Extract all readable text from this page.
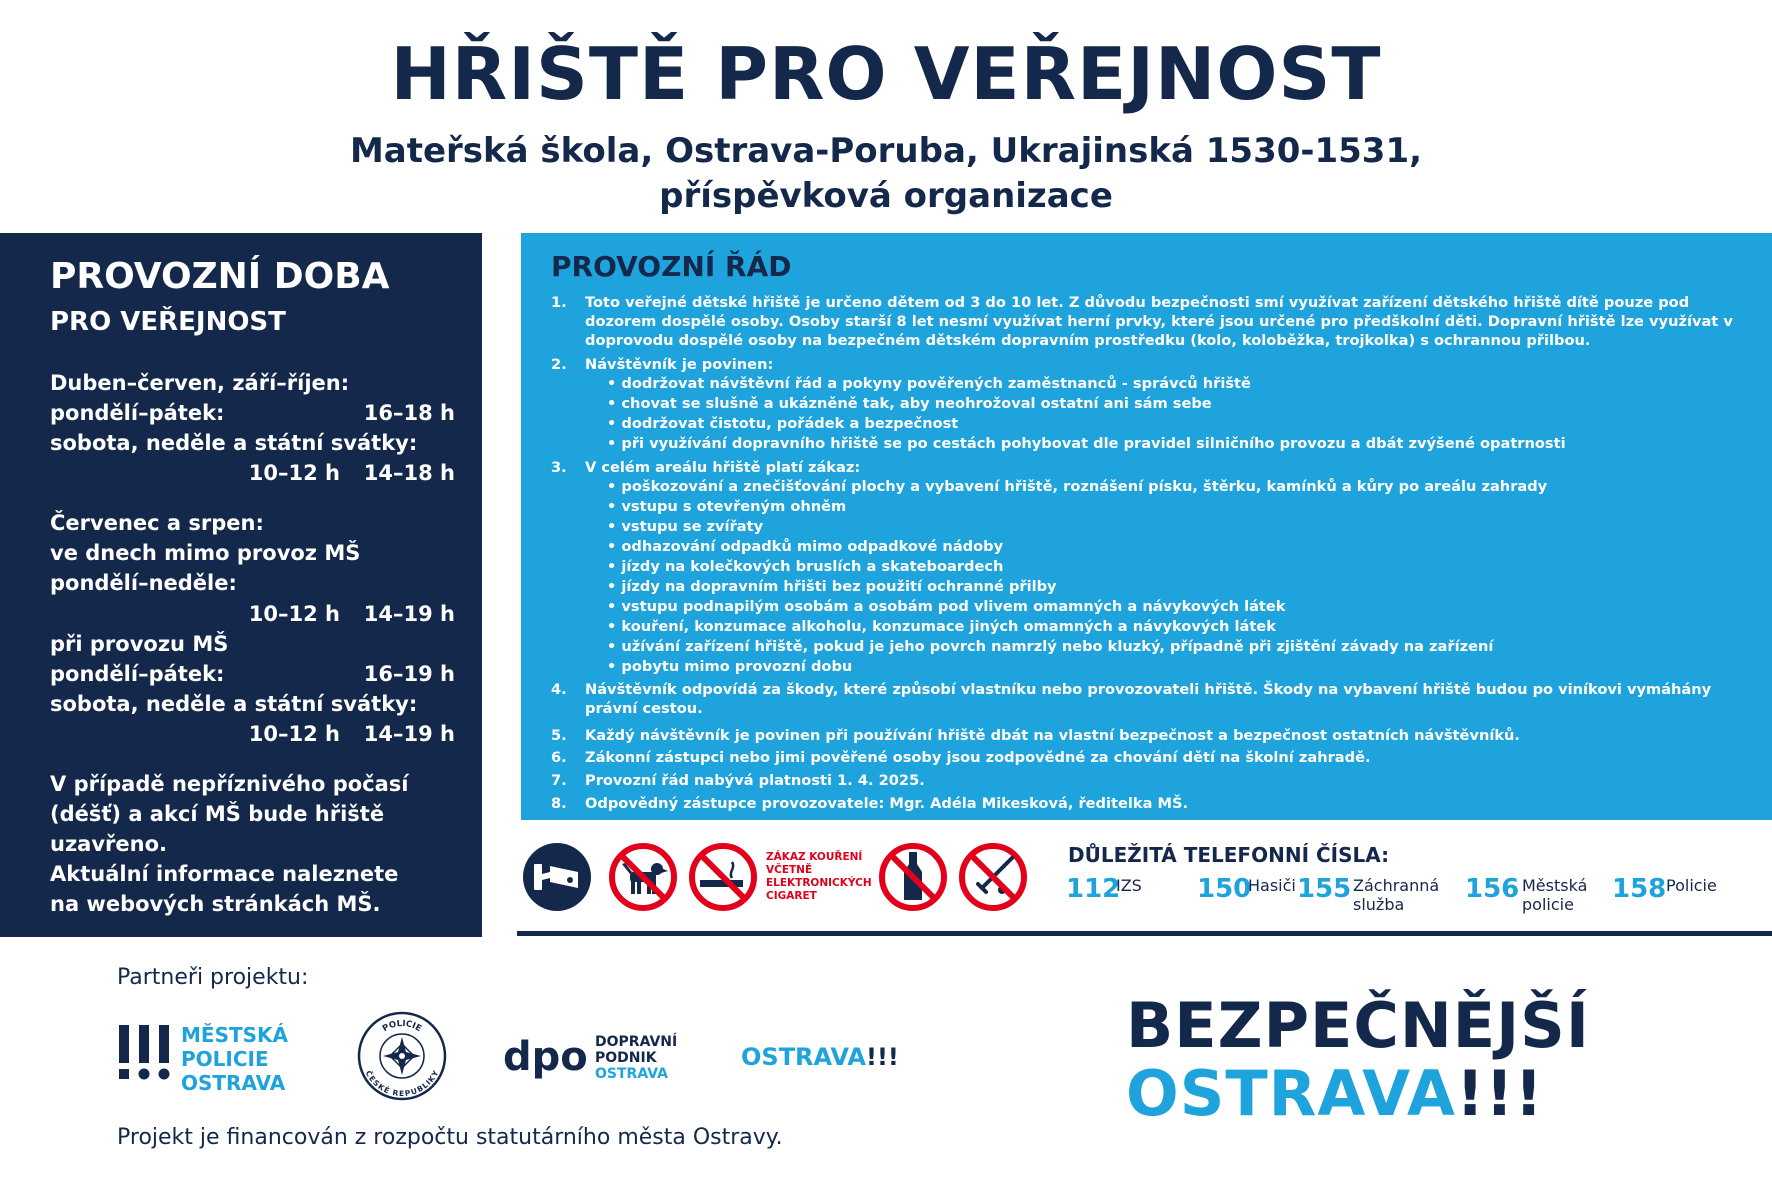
HŘIŠTĚ PRO VEŘEJNOST
Mateřská škola, Ostrava-Poruba, Ukrajinská 1530-1531,
příspěvková organizace
PROVOZNÍ DOBA
PRO VEŘEJNOST
Duben–červen, září–říjen:
pondělí–pátek:	16–18 h
sobota, neděle a státní svátky:
10–12 h 14–18 h
Červenec a srpen:
ve dnech mimo provoz MŠ
pondělí–neděle:
10–12 h 14–19 h
při provozu MŠ
pondělí–pátek:	16–19 h
sobota, neděle a státní svátky:
10–12 h 14–19 h
V případě nepříznivého počasí
(déšť) a akcí MŠ bude hřiště
uzavřeno.
Aktuální informace naleznete
na webových stránkách MŠ.
PROVOZNÍ ŘÁD
1. Toto veřejné dětské hřiště je určeno dětem od 3 do 10 let. Z důvodu bezpečnosti smí využívat zařízení dětského hřiště dítě pouze pod dozorem dospělé osoby. Osoby starší 8 let nesmí využívat herní prvky, které jsou určené pro předškolní děti. Dopravní hřiště lze využívat v doprovodu dospělé osoby na bezpečném dětském dopravním prostředku (kolo, koloběžka, trojkolka) s ochrannou přilbou.
2. Návštěvník je povinen:
• dodržovat návštěvní řád a pokyny pověřených zaměstnanců - správců hřiště
• chovat se slušně a ukázněně tak, aby neohrožoval ostatní ani sám sebe
• dodržovat čistotu, pořádek a bezpečnost
• při využívání dopravního hřiště se po cestách pohybovat dle pravidel silničního provozu a dbát zvýšené opatrnosti
3. V celém areálu hřiště platí zákaz:
• poškozování a znečišťování plochy a vybavení hřiště, roznášení písku, štěrku, kamínků a kůry po areálu zahrady
• vstupu s otevřeným ohněm
• vstupu se zvířaty
• odhazování odpadků mimo odpadkové nádoby
• jízdy na kolečkových bruslích a skateboardech
• jízdy na dopravním hřišti bez použití ochranné přilby
• vstupu podnapilým osobám a osobám pod vlivem omamných a návykových látek
• kouření, konzumace alkoholu, konzumace jiných omamných a návykových látek
• užívání zařízení hřiště, pokud je jeho povrch namrzlý nebo kluzký, případně při zjištění závady na zařízení
• pobytu mimo provozní dobu
4. Návštěvník odpovídá za škody, které způsobí vlastníku nebo provozovateli hřiště. Škody na vybavení hřiště budou po viníkovi vymáhány právní cestou.
5. Každý návštěvník je povinen při používání hřiště dbát na vlastní bezpečnost a bezpečnost ostatních návštěvníků.
6. Zákonní zástupci nebo jimi pověřené osoby jsou zodpovědné za chování dětí na školní zahradě.
7. Provozní řád nabývá platnosti 1. 4. 2025.
8. Odpovědný zástupce provozovatele: Mgr. Adéla Mikesková, ředitelka MŠ.
ZÁKAZ KOUŘENÍ VČETNĚ ELEKTRONICKÝCH CIGARET
DŮLEŽITÁ TELEFONNÍ ČÍSLA:
112
IZS 150
Hasiči 155 Záchranná
služba
156 Městská
policie
158 Policie
Partneři projektu:
MĚSTSKÁ
POLICIE
OSTRAVA
POLICIE
ČESKÉ REPUBLIKY dpo DOPRAVNÍ
PODNIK
OSTRAVA
OSTRAVA!!!
Projekt je financován z rozpočtu statutárního města Ostravy.
BEZPEČNĚJŠÍ
OSTRAVA!!!
